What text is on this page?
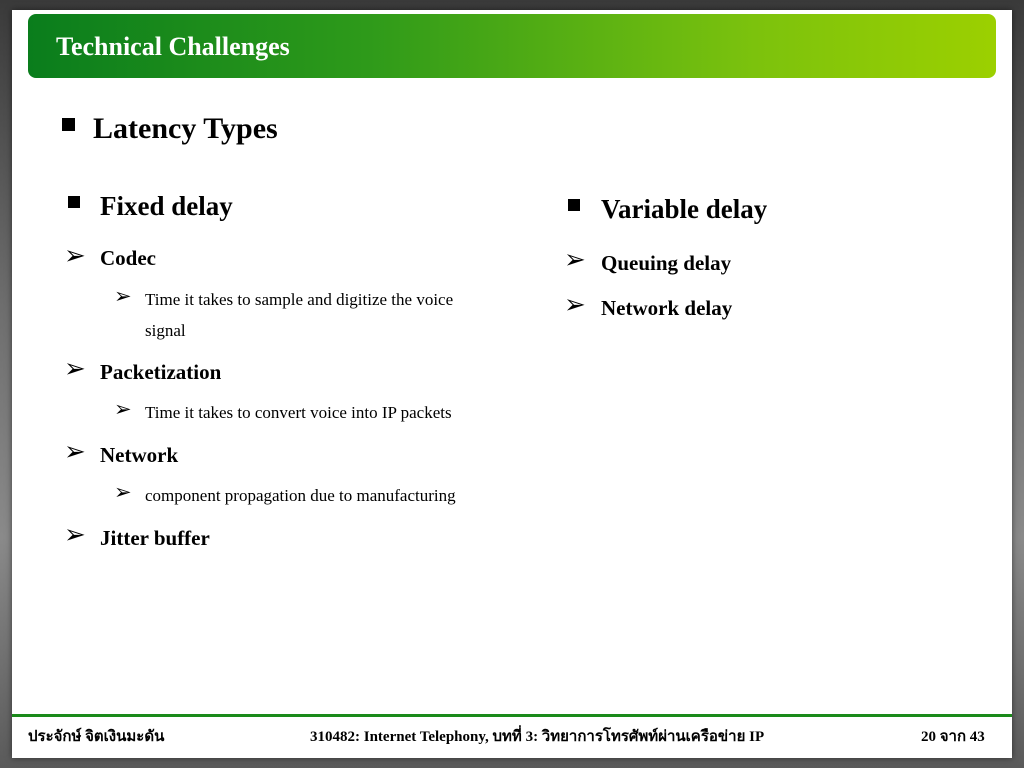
Technical Challenges
Latency Types
Fixed delay
➢ Codec
➢ Time it takes to sample and digitize the voice
signal
➢ Packetization
➢ Time it takes to convert voice into IP packets
➢ Network
➢ component propagation due to manufacturing
➢ Jitter buffer
Variable delay
➢ Queuing delay
➢ Network delay
ประจักษ์ จิตเงินมะดัน	310482: Internet Telephony, บทที่ 3: วิทยาการโทรศัพท์ผ่านเครือข่าย IP	20 จาก 43
